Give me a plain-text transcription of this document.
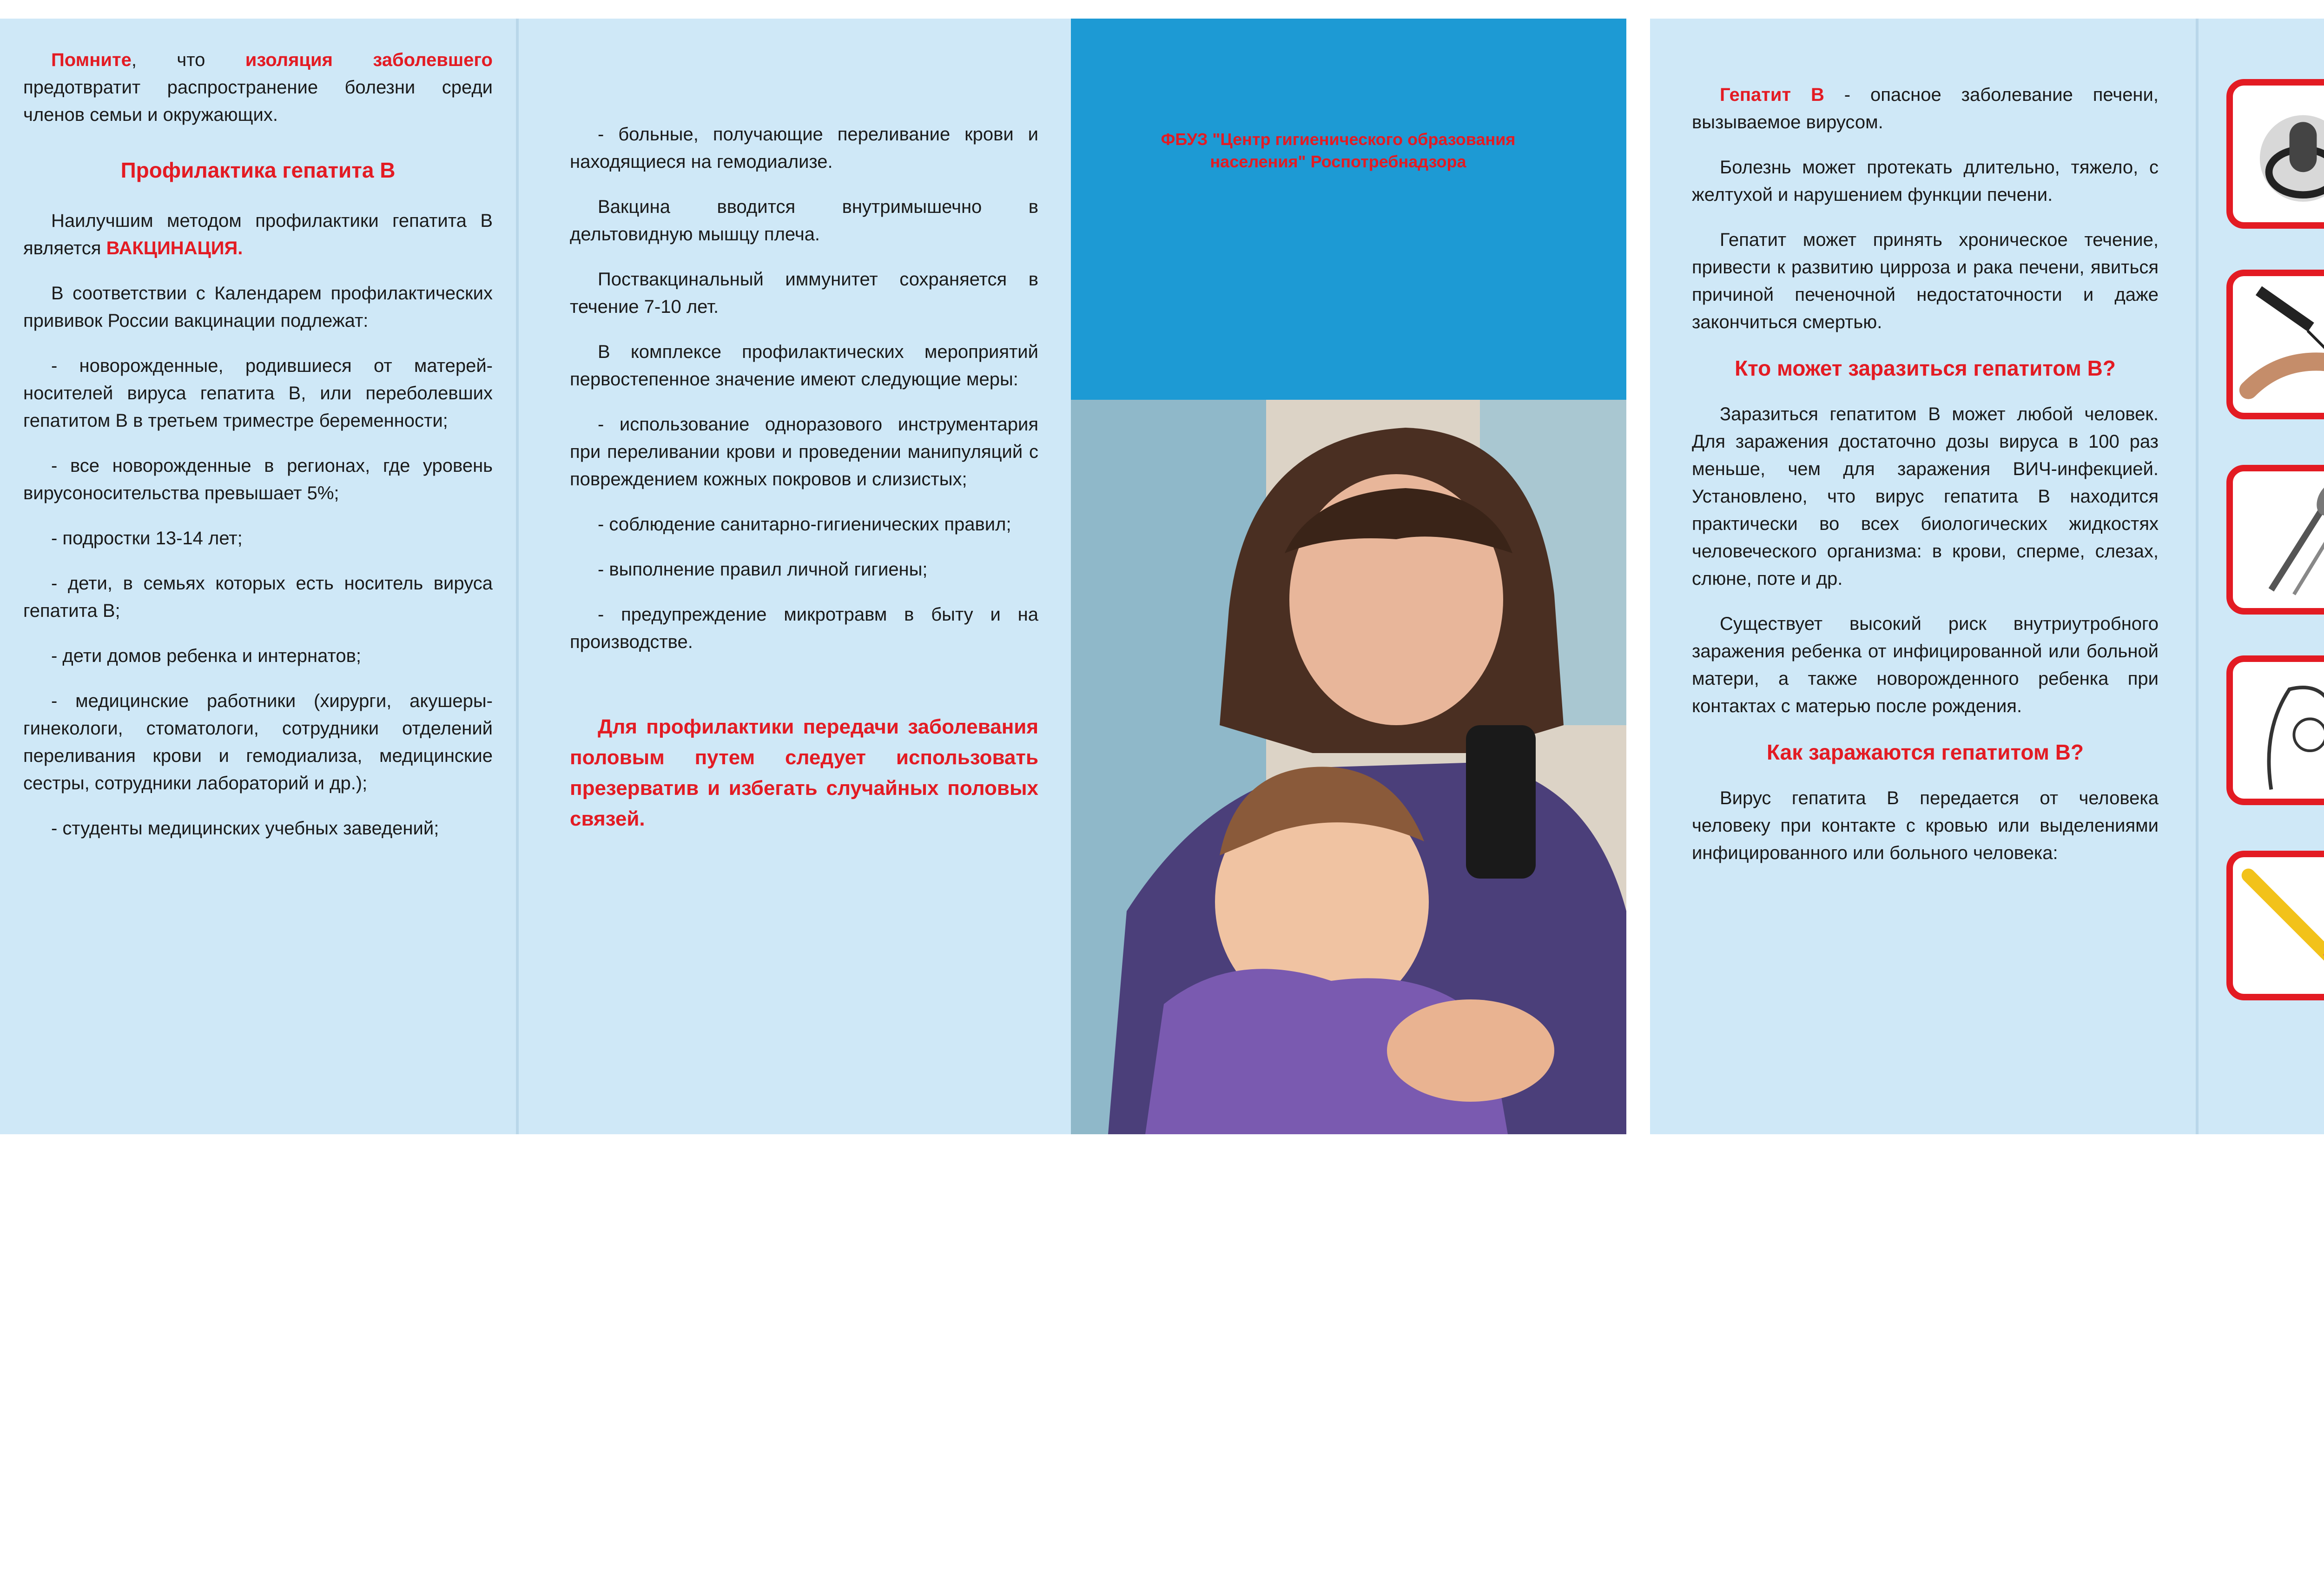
Помните, что изоляция заболевшего предотвратит распространение болезни среди членов семьи и окружающих.

Профилактика гепатита В

Наилучшим методом профилактики гепатита В является ВАКЦИНАЦИЯ.

В соответствии с Календарем профилактических прививок России вакцинации подлежат:

- новорожденные, родившиеся от матерей-носителей вируса гепатита В, или переболевших гепатитом В в третьем триместре беременности;

- все новорожденные в регионах, где уровень вирусоносительства превышает 5%;

- подростки 13-14 лет;

- дети, в семьях которых есть носитель вируса гепатита В;

- дети домов ребенка и интернатов;

- медицинские работники (хирурги, акушеры-гинекологи, стоматологи, сотрудники отделений переливания крови и гемодиализа, медицинские сестры, сотрудники лабораторий и др.);

- студенты медицинских учебных заведений;

- больные, получающие переливание крови и находящиеся на гемодиализе.

Вакцина вводится внутримышечно в дельтовидную мышцу плеча.

Поствакцинальный иммунитет сохраняется в течение 7-10 лет.

В комплексе профилактических мероприятий первостепенное значение имеют следующие меры:

- использование одноразового инструментария при переливании крови и проведении манипуляций с повреждением кожных покровов и слизистых;

- соблюдение санитарно-гигиенических правил;

- выполнение правил личной гигиены;

- предупреждение микротравм в быту и на производстве.

Для профилактики передачи заболевания половым путем следует использовать презерватив и избегать случайных половых связей.

ФБУЗ "Центр гигиенического образования населения" Роспотребнадзора

Гепатит В - опасное заболевание печени, вызываемое вирусом.

Болезнь может протекать длительно, тяжело, с желтухой и нарушением функции печени.

Гепатит может принять хроническое течение, привести к развитию цирроза и рака печени, явиться причиной печеночной недостаточности и даже закончиться смертью.

Кто может заразиться гепатитом В?

Заразиться гепатитом В может любой человек. Для заражения достаточно дозы вируса в 100 раз меньше, чем для заражения ВИЧ-инфекцией. Установлено, что вирус гепатита В находится практически во всех биологических жидкостях человеческого организма: в крови, сперме, слезах, слюне, поте и др.

Существует высокий риск внутриутробного заражения ребенка от инфицированной или больной матери, а также новорожденного ребенка при контактах с матерью после рождения.

Как заражаются гепатитом В?

Вирус гепатита В передается от человека человеку при контакте с кровью или выделениями инфицированного или больного человека:
